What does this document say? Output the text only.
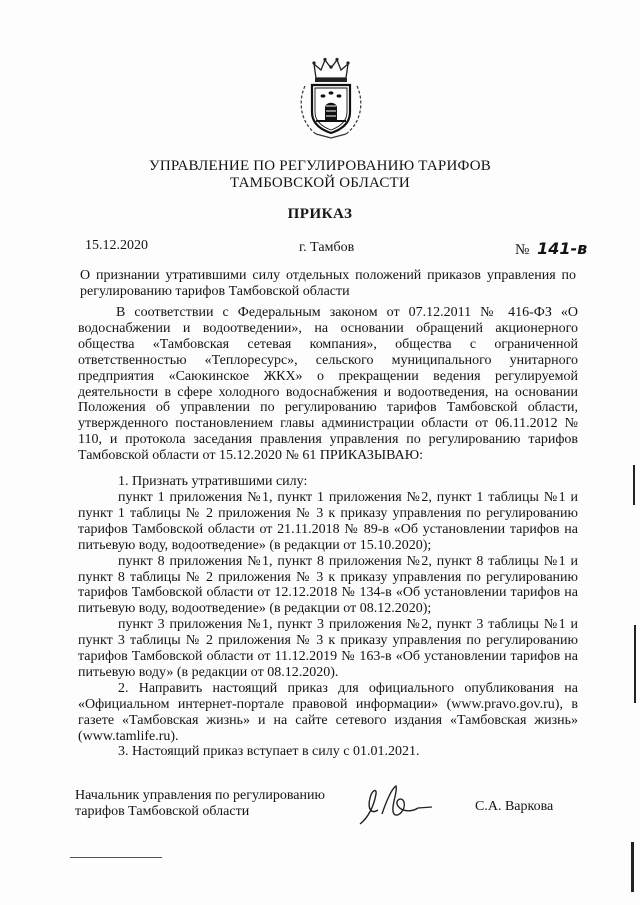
УПРАВЛЕНИЕ ПО РЕГУЛИРОВАНИЮ ТАРИФОВ
ТАМБОВСКОЙ ОБЛАСТИ
ПРИКАЗ
15.12.2020	г. Тамбов	№ 141-в
О признании утратившими силу отдельных положений приказов управления по регулированию тарифов Тамбовской области

В соответствии с Федеральным законом от 07.12.2011 № 416-ФЗ «О водоснабжении и водоотведении», на основании обращений акционерного общества «Тамбовская сетевая компания», общества с ограниченной ответственностью «Теплоресурс», сельского муниципального унитарного предприятия «Саюкинское ЖКХ» о прекращении ведения регулируемой деятельности в сфере холодного водоснабжения и водоотведения, на основании Положения об управлении по регулированию тарифов Тамбовской области, утвержденного постановлением главы администрации области от 06.11.2012 № 110, и протокола заседания правления управления по регулированию тарифов Тамбовской области от 15.12.2020 № 61 ПРИКАЗЫВАЮ:

1. Признать утратившими силу:

пункт 1 приложения №1, пункт 1 приложения №2, пункт 1 таблицы №1 и пункт 1 таблицы № 2 приложения № 3 к приказу управления по регулированию тарифов Тамбовской области от 21.11.2018 № 89-в «Об установлении тарифов на питьевую воду, водоотведение» (в редакции от 15.10.2020);

пункт 8 приложения №1, пункт 8 приложения №2, пункт 8 таблицы №1 и пункт 8 таблицы № 2 приложения № 3 к приказу управления по регулированию тарифов Тамбовской области от 12.12.2018 № 134-в «Об установлении тарифов на питьевую воду, водоотведение» (в редакции от 08.12.2020);

пункт 3 приложения №1, пункт 3 приложения №2, пункт 3 таблицы №1 и пункт 3 таблицы № 2 приложения № 3 к приказу управления по регулированию тарифов Тамбовской области от 11.12.2019 № 163-в «Об установлении тарифов на питьевую воду» (в редакции от 08.12.2020).

2. Направить настоящий приказ для официального опубликования на «Официальном интернет-портале правовой информации» (www.pravo.gov.ru), в газете «Тамбовская жизнь» и на сайте сетевого издания «Тамбовская жизнь» (www.tamlife.ru).

3. Настоящий приказ вступает в силу с 01.01.2021.

Начальник управления по регулированию
тарифов Тамбовской области	С.А. Варкова
